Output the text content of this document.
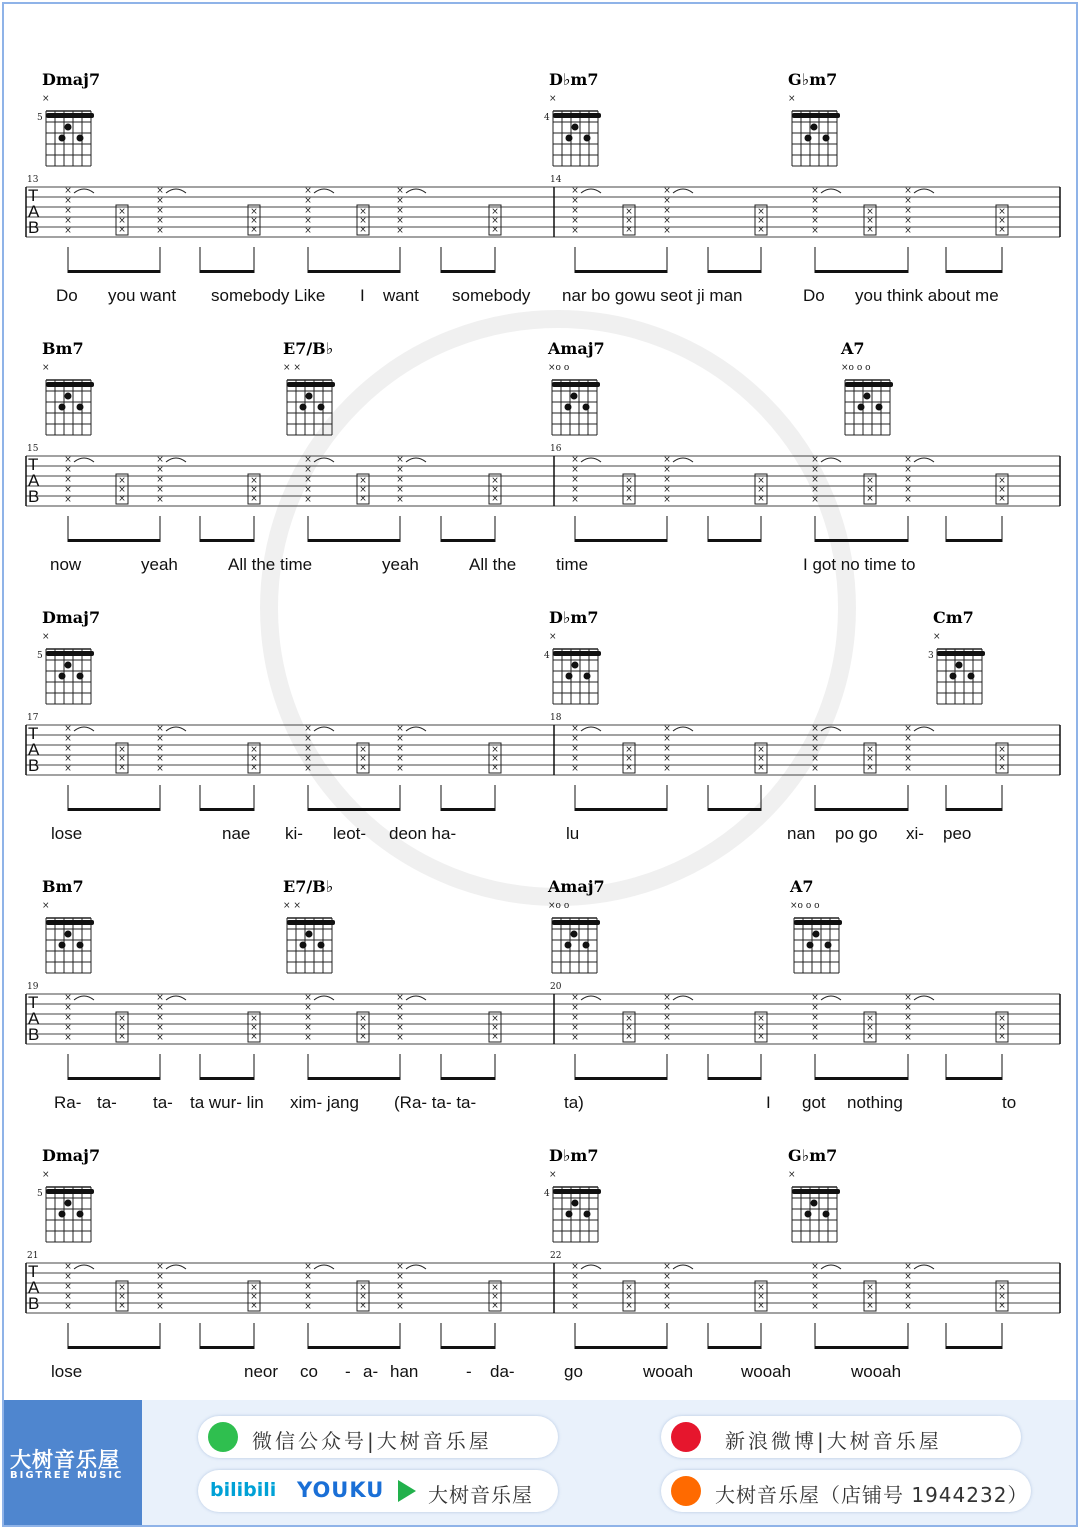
Dmaj7
×
5
D♭m7
×
4
G♭m7
×
13	14
T
A
B
×
×
×
×
×
×
×
×
×
×
×
×
×
×
×
×
×
×
×
×
×
×
×
×
×
×
×
×
×
×
×
×
×
×
×
×
×
×
×
×
×
×
×
×
×
×
×
×
×
×
×
×
×
×
×
×
×
×
×
×
×
×
×
×
Do you want somebody Like I want somebody nar bo gowu seot ji man	Do you think about me
Bm7
×
E7/B♭
× ×
Amaj7
×o o
A7
×o o o
15	16
T
A
B
×
×
×
×
×
×
×
×
×
×
×
×
×
×
×
×
×
×
×
×
×
×
×
×
×
×
×
×
×
×
×
×
×
×
×
×
×
×
×
×
×
×
×
×
×
×
×
×
×
×
×
×
×
×
×
×
×
×
×
×
×
×
×
×
now	yeah	All the time	yeah	All the time	I got no time to
Dmaj7
×
5
D♭m7
×
4
Cm7
×
3
17	18
T
A
B
×
×
×
×
×
×
×
×
×
×
×
×
×
×
×
×
×
×
×
×
×
×
×
×
×
×
×
×
×
×
×
×
×
×
×
×
×
×
×
×
×
×
×
×
×
×
×
×
×
×
×
×
×
×
×
×
×
×
×
×
×
×
×
×
lose	nae ki- leot- deon ha-	lu	nan po go xi- peo
Bm7
×
E7/B♭
× ×
Amaj7
×o o
A7
×o o o
19	20
T
A
B
×
×
×
×
×
×
×
×
×
×
×
×
×
×
×
×
×
×
×
×
×
×
×
×
×
×
×
×
×
×
×
×
×
×
×
×
×
×
×
×
×
×
×
×
×
×
×
×
×
×
×
×
×
×
×
×
×
×
×
×
×
×
×
×
Ra- ta- ta- ta wur- lin xim- jang (Ra- ta- ta-	ta)	I got nothing	to
Dmaj7
×
5
D♭m7
×
4
G♭m7
×
21	22
T
A
B
×
×
×
×
×
×
×
×
×
×
×
×
×
×
×
×
×
×
×
×
×
×
×
×
×
×
×
×
×
×
×
×
×
×
×
×
×
×
×
×
×
×
×
×
×
×
×
×
×
×
×
×
×
×
×
×
×
×
×
×
×
×
×
×
lose	neor co - a- han	- da-	go	wooah	wooah	wooah
大树音乐屋
BIGTREE MUSIC
微信公众号|大树音乐屋
bilibili YOUKU 大树音乐屋
新浪微博|大树音乐屋
大树音乐屋（店铺号 1944232）
